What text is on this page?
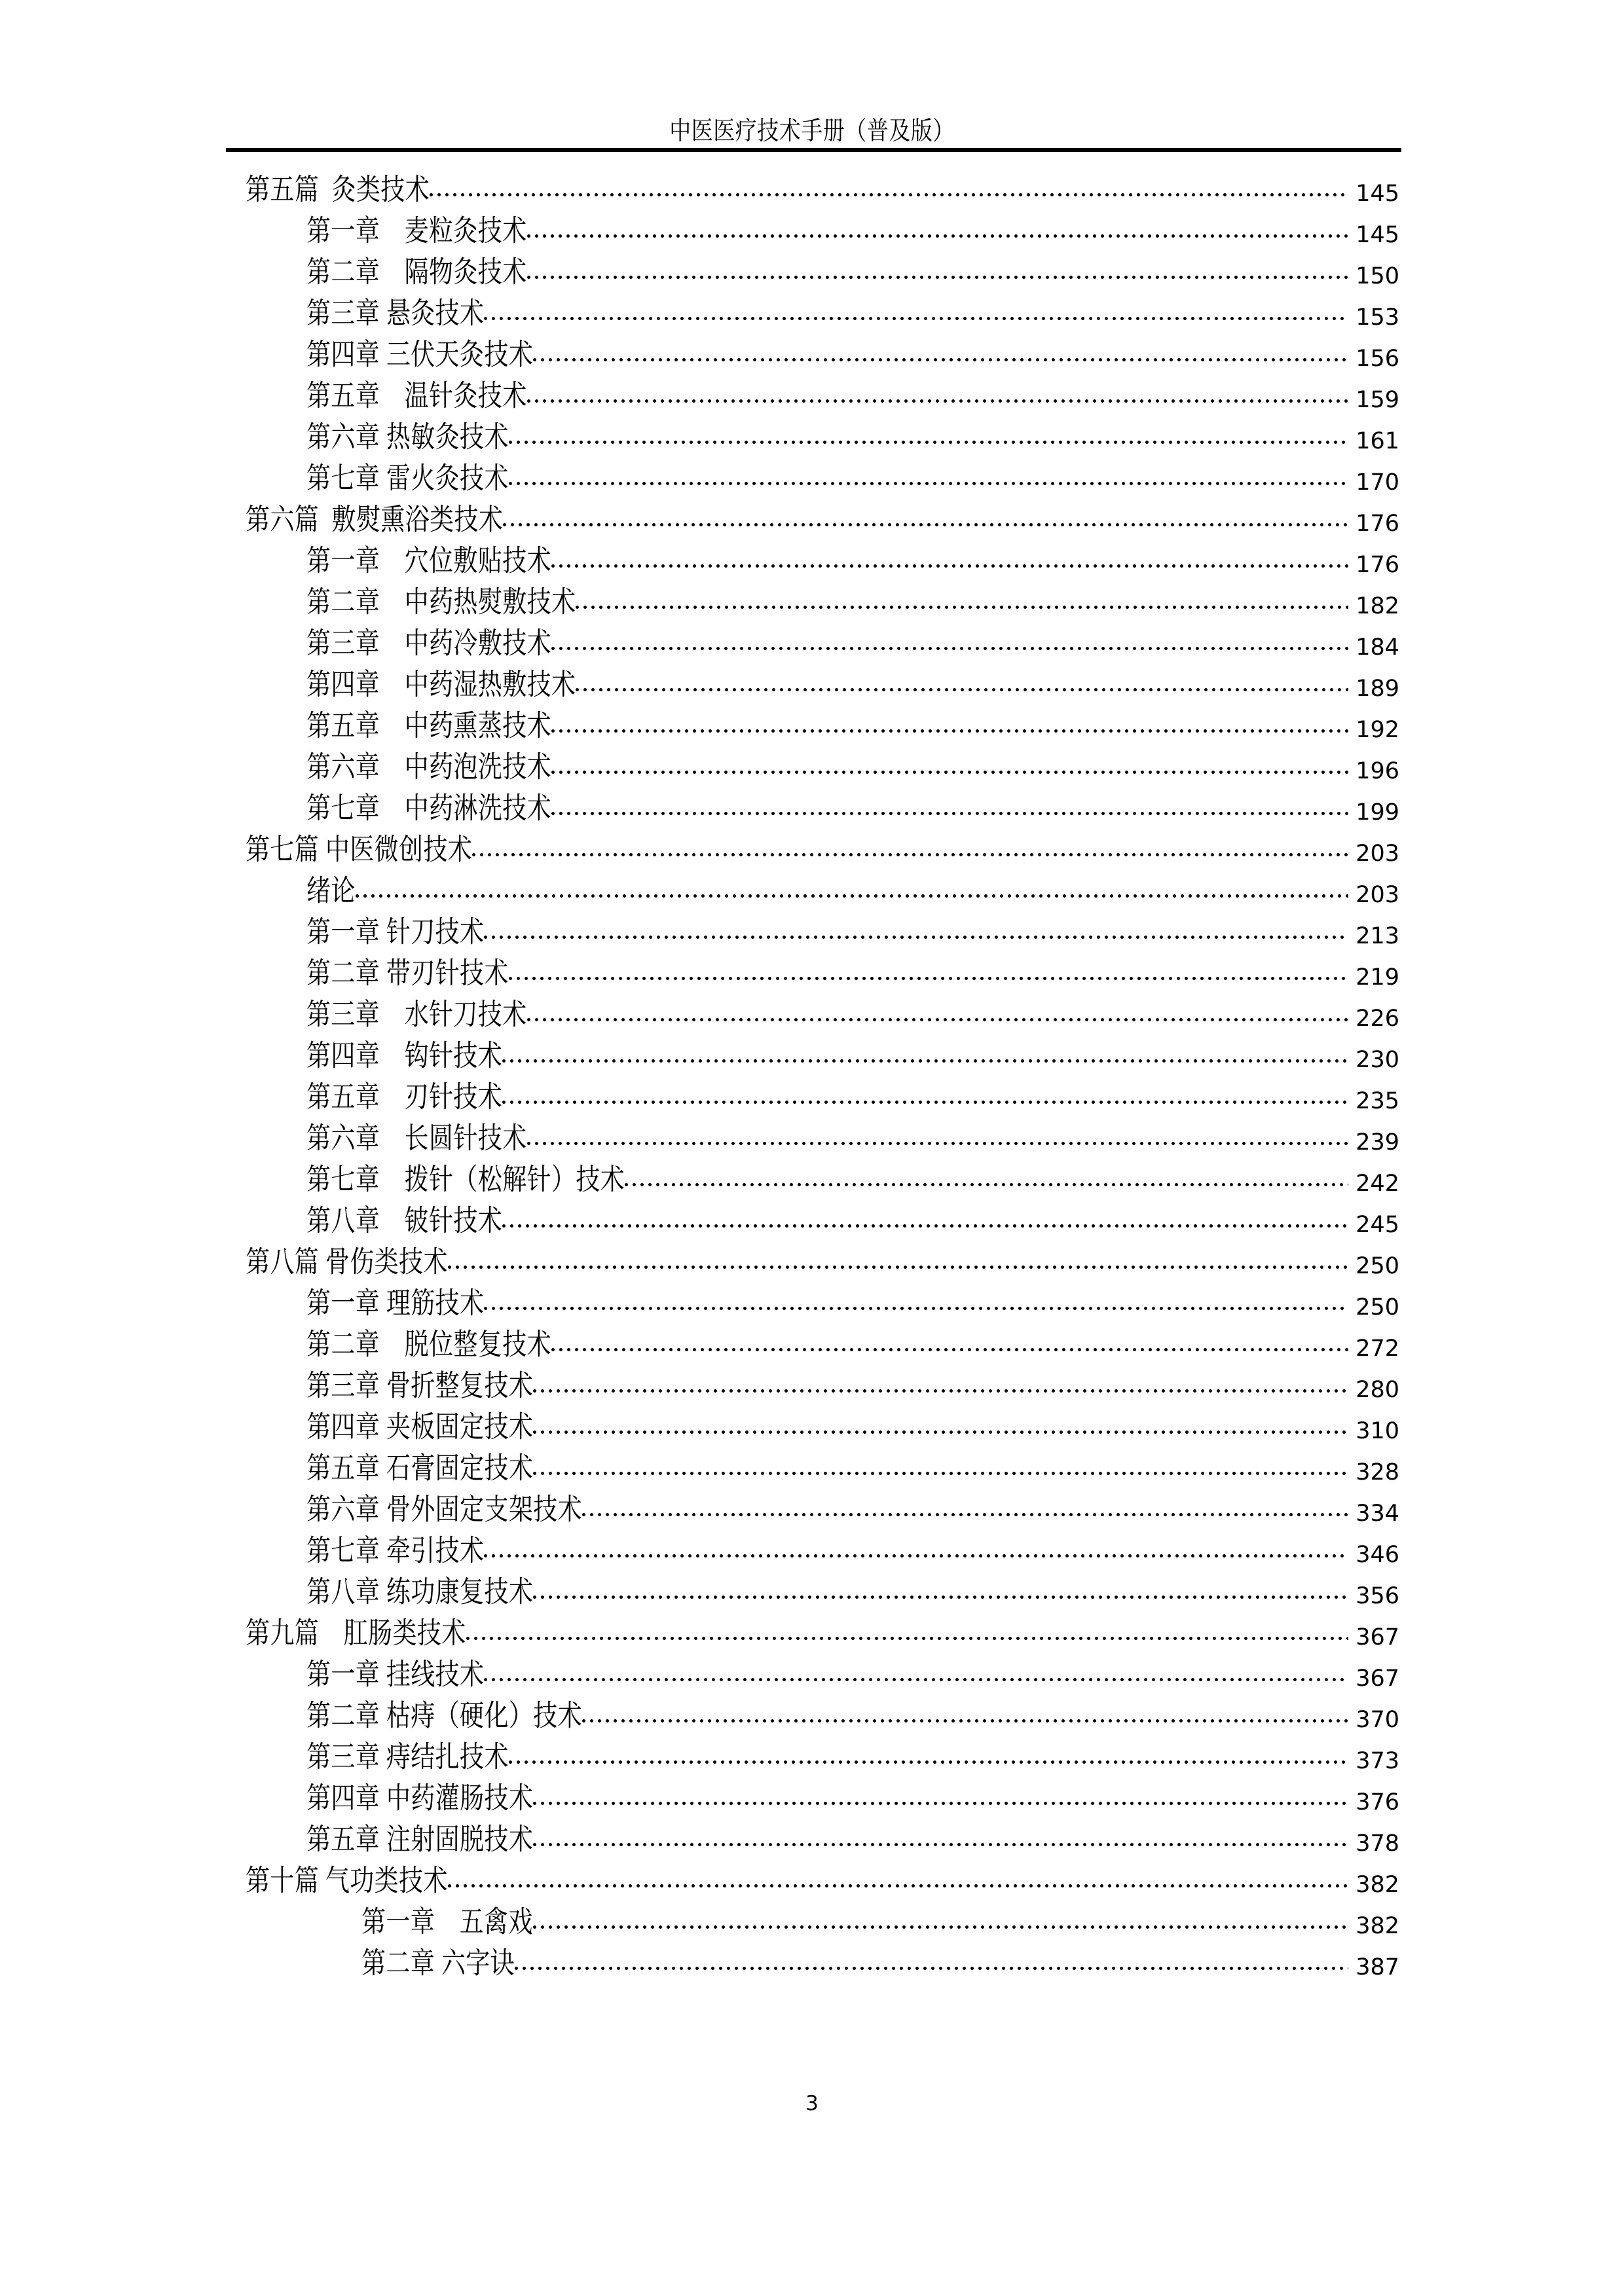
中医医疗技术手册（普及版）
第五篇  灸类技术	145
第一章　麦粒灸技术	145
第二章　隔物灸技术	150
第三章 悬灸技术	153
第四章 三伏天灸技术	156
第五章　温针灸技术	159
第六章 热敏灸技术	161
第七章 雷火灸技术	170
第六篇  敷熨熏浴类技术	176
第一章　穴位敷贴技术	176
第二章　中药热熨敷技术	182
第三章　中药冷敷技术	184
第四章　中药湿热敷技术	189
第五章　中药熏蒸技术	192
第六章　中药泡洗技术	196
第七章　中药淋洗技术	199
第七篇 中医微创技术	203
绪论	203
第一章 针刀技术	213
第二章 带刃针技术	219
第三章　水针刀技术	226
第四章　钩针技术	230
第五章　刃针技术	235
第六章　长圆针技术	239
第七章　拨针（松解针）技术	242
第八章　铍针技术	245
第八篇 骨伤类技术	250
第一章 理筋技术	250
第二章　脱位整复技术	272
第三章 骨折整复技术	280
第四章 夹板固定技术	310
第五章 石膏固定技术	328
第六章 骨外固定支架技术	334
第七章 牵引技术	346
第八章 练功康复技术	356
第九篇　肛肠类技术	367
第一章 挂线技术	367
第二章 枯痔（硬化）技术	370
第三章 痔结扎技术	373
第四章 中药灌肠技术	376
第五章 注射固脱技术	378
第十篇 气功类技术	382
第一章　五禽戏	382
第二章 六字诀	387
3
